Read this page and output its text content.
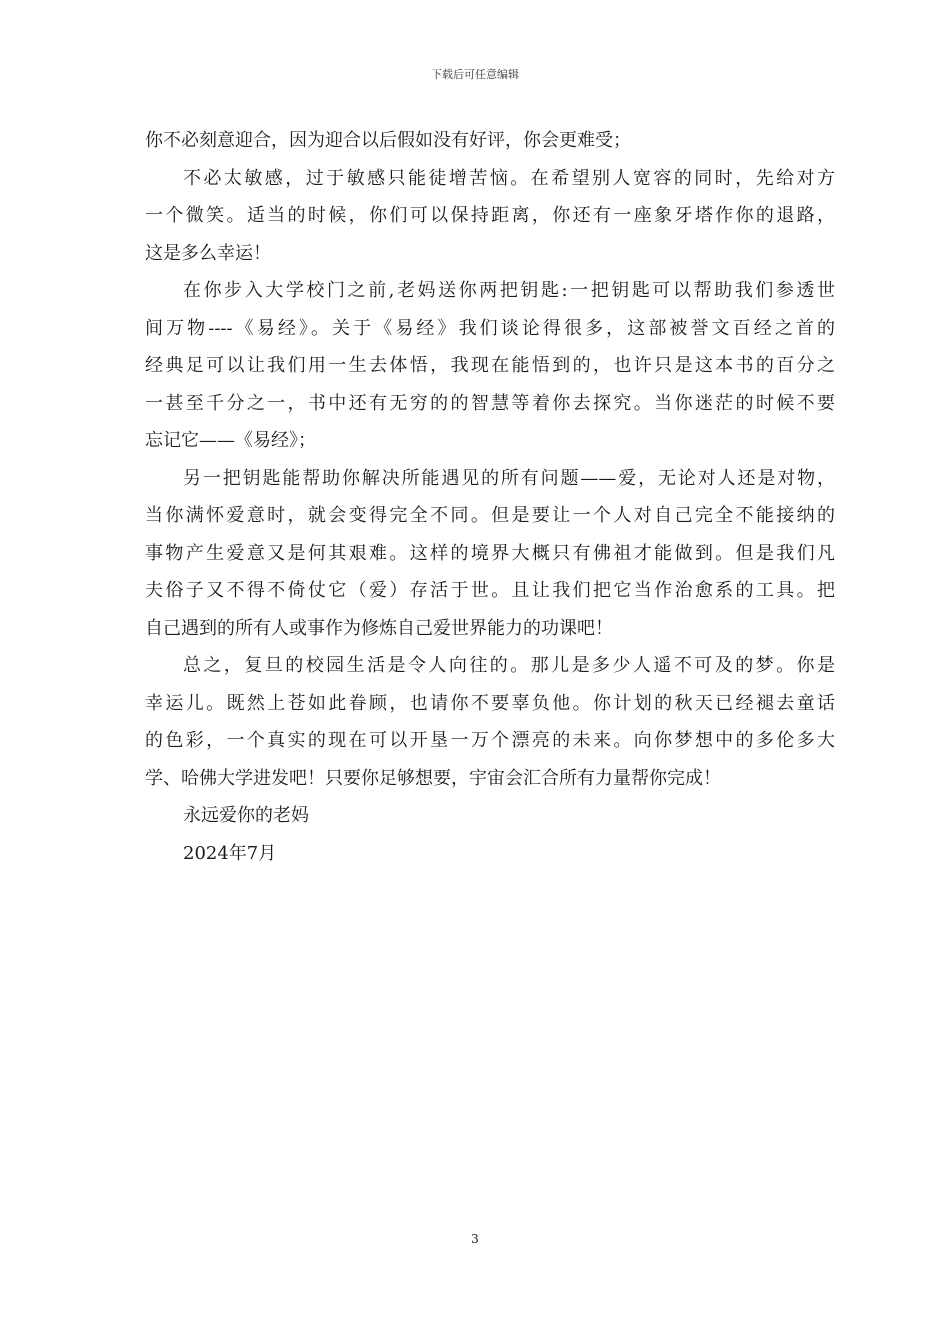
下载后可任意编辑
你不必刻意迎合，因为迎合以后假如没有好评，你会更难受；
不必太敏感，过于敏感只能徒增苦恼。在希望别人宽容的同时，先给对方
一个微笑。适当的时候，你们可以保持距离，你还有一座象牙塔作你的退路，
这是多么幸运！
在你步入大学校门之前,老妈送你两把钥匙:一把钥匙可以帮助我们参透世
间万物----《易经》。关于《易经》我们谈论得很多，这部被誉文百经之首的
经典足可以让我们用一生去体悟，我现在能悟到的，也许只是这本书的百分之
一甚至千分之一，书中还有无穷的的智慧等着你去探究。当你迷茫的时候不要
忘记它——《易经》；
另一把钥匙能帮助你解决所能遇见的所有问题——爱，无论对人还是对物，
当你满怀爱意时，就会变得完全不同。但是要让一个人对自己完全不能接纳的
事物产生爱意又是何其艰难。这样的境界大概只有佛祖才能做到。但是我们凡
夫俗子又不得不倚仗它（爱）存活于世。且让我们把它当作治愈系的工具。把
自己遇到的所有人或事作为修炼自己爱世界能力的功课吧！
总之，复旦的校园生活是令人向往的。那儿是多少人遥不可及的梦。你是
幸运儿。既然上苍如此眷顾，也请你不要辜负他。你计划的秋天已经褪去童话
的色彩，一个真实的现在可以开垦一万个漂亮的未来。向你梦想中的多伦多大
学、哈佛大学进发吧！只要你足够想要，宇宙会汇合所有力量帮你完成！
永远爱你的老妈
2024年7月
3
